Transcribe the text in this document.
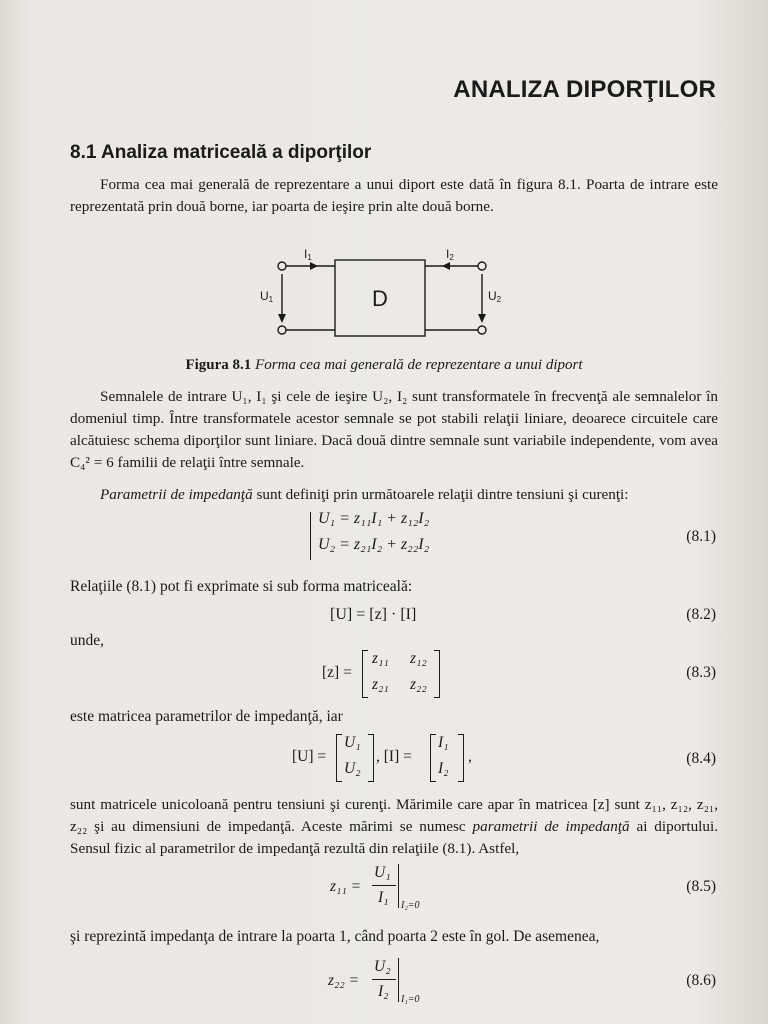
ANALIZA DIPORŢILOR
8.1 Analiza matriceală a diporţilor
Forma cea mai generală de reprezentare a unui diport este dată în figura 8.1. Poarta de intrare este reprezentată prin două borne, iar poarta de ieşire prin alte două borne.
D
I1	I2
U1	U2
Figura 8.1 Forma cea mai generală de reprezentare a unui diport
Semnalele de intrare U₁, I₁ şi cele de ieşire U₂, I₂ sunt transformatele în frecvenţă ale semnalelor în domeniul timp. Între transformatele acestor semnale se pot stabili relaţii liniare, deoarece circuitele care alcătuiesc schema diporţilor sunt liniare. Dacă două dintre semnale sunt variabile independente, vom avea C₄² = 6 familii de relaţii între semnale.
Parametrii de impedanţă sunt definiţi prin următoarele relaţii dintre tensiuni şi curenţi:
U₁ = z₁₁I₁ + z₁₂I₂
U₂ = z₂₁I₂ + z₂₂I₂	(8.1)
Relaţiile (8.1) pot fi exprimate si sub forma matriceală:
[U] = [z] · [I]	(8.2)
unde,
[z] =
z₁₁ z₁₂
z₂₁ z₂₂
(8.3)
este matricea parametrilor de impedanţă, iar
[U] =
U₁
U₂
, [I] =
I₁
I₂
,	(8.4)
sunt matricele unicoloană pentru tensiuni şi curenţi. Mărimile care apar în matricea [z] sunt z₁₁, z₁₂, z₂₁, z₂₂ şi au dimensiuni de impedanţă. Aceste mărimi se numesc parametrii de impedanţă ai diportului. Sensul fizic al parametrilor de impedanţă rezultă din relaţiile (8.1). Astfel,
z₁₁ =
U₁
I₁ I₂=0
(8.5)
şi reprezintă impedanţa de intrare la poarta 1, când poarta 2 este în gol. De asemenea,
z₂₂ =
U₂
I₂ I₁=0
(8.6)
